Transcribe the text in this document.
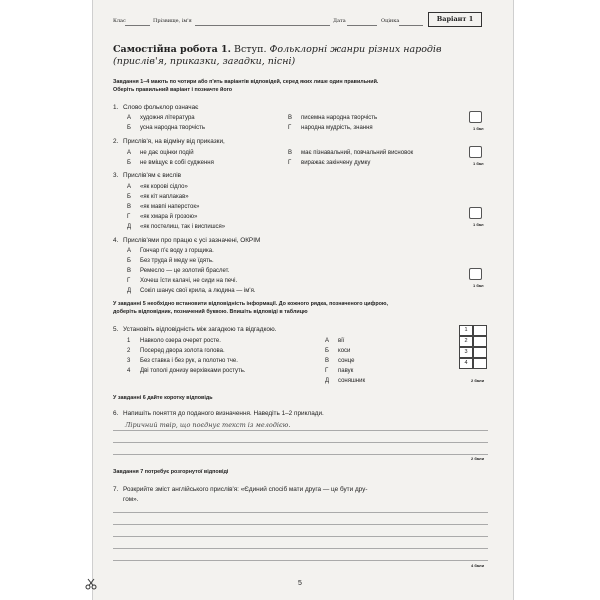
Клас	Прізвище, ім'я	Дата	Оцінка	Варіант 1
Самостійна робота 1. Вступ. Фольклорні жанри різних народів (прислів'я, приказки, загадки, пісні)
Завдання 1–4 мають по чотири або п'ять варіантів відповідей, серед яких лише один правильний.
Оберіть правильний варіант і позначте його
1. Слово фольклор означає
А художня література
Б усна народна творчість
В писемна народна творчість
Г народна мудрість, знання	1 бал
2. Прислів'я, на відміну від приказки,
А не дає оцінки подій
Б не вміщує в собі судження
В має пізнавальний, повчальний висновок
Г виражає закінчену думку	1 бал
3. Прислів'ям є вислів
А «як корові сідло»
Б «як кіт наплакав»
В «як мавпі наперсток»
Г «як хмара й грозою»
Д «як постелиш, так і виспишся»	1 бал
4. Прислів'ями про працю є усі зазначені, ОКРІМ
А Гончар п'є воду з горщика.
Б Без труда й меду не їдять.
В Ремесло — це золотий браслет.
Г Хочеш їсти калачі, не сиди на печі.
Д Сокіл шанує свої крила, а людина — ім'я.
1 бал
У завданні 5 необхідно встановити відповідність інформації. До кожного рядка, позначеного цифрою,
доберіть відповідник, позначений буквою. Впишіть відповіді в таблицю
5. Установіть відповідність між загадкою та відгадкою.
1 Навколо озера очерет росте.
2 Посеред двора золота голова.
3 Без ставка і без рук, а полотно тче.
4 Дві тополі донизу верхівками ростуть.
А вії
Б коси
В сонце
Г павук
Д соняшник
1
2
3
4
2 бали
У завданні 6 дайте коротку відповідь
6. Напишіть поняття до поданого визначення. Наведіть 1–2 приклади.
Ліричний твір, що поєднує текст із мелодією.
2 бали
Завдання 7 потребує розгорнутої відповіді
7. Розкрийте зміст англійського прислів'я: «Єдиний спосіб мати друга — це бути дру-
гом».
4 бали
5
